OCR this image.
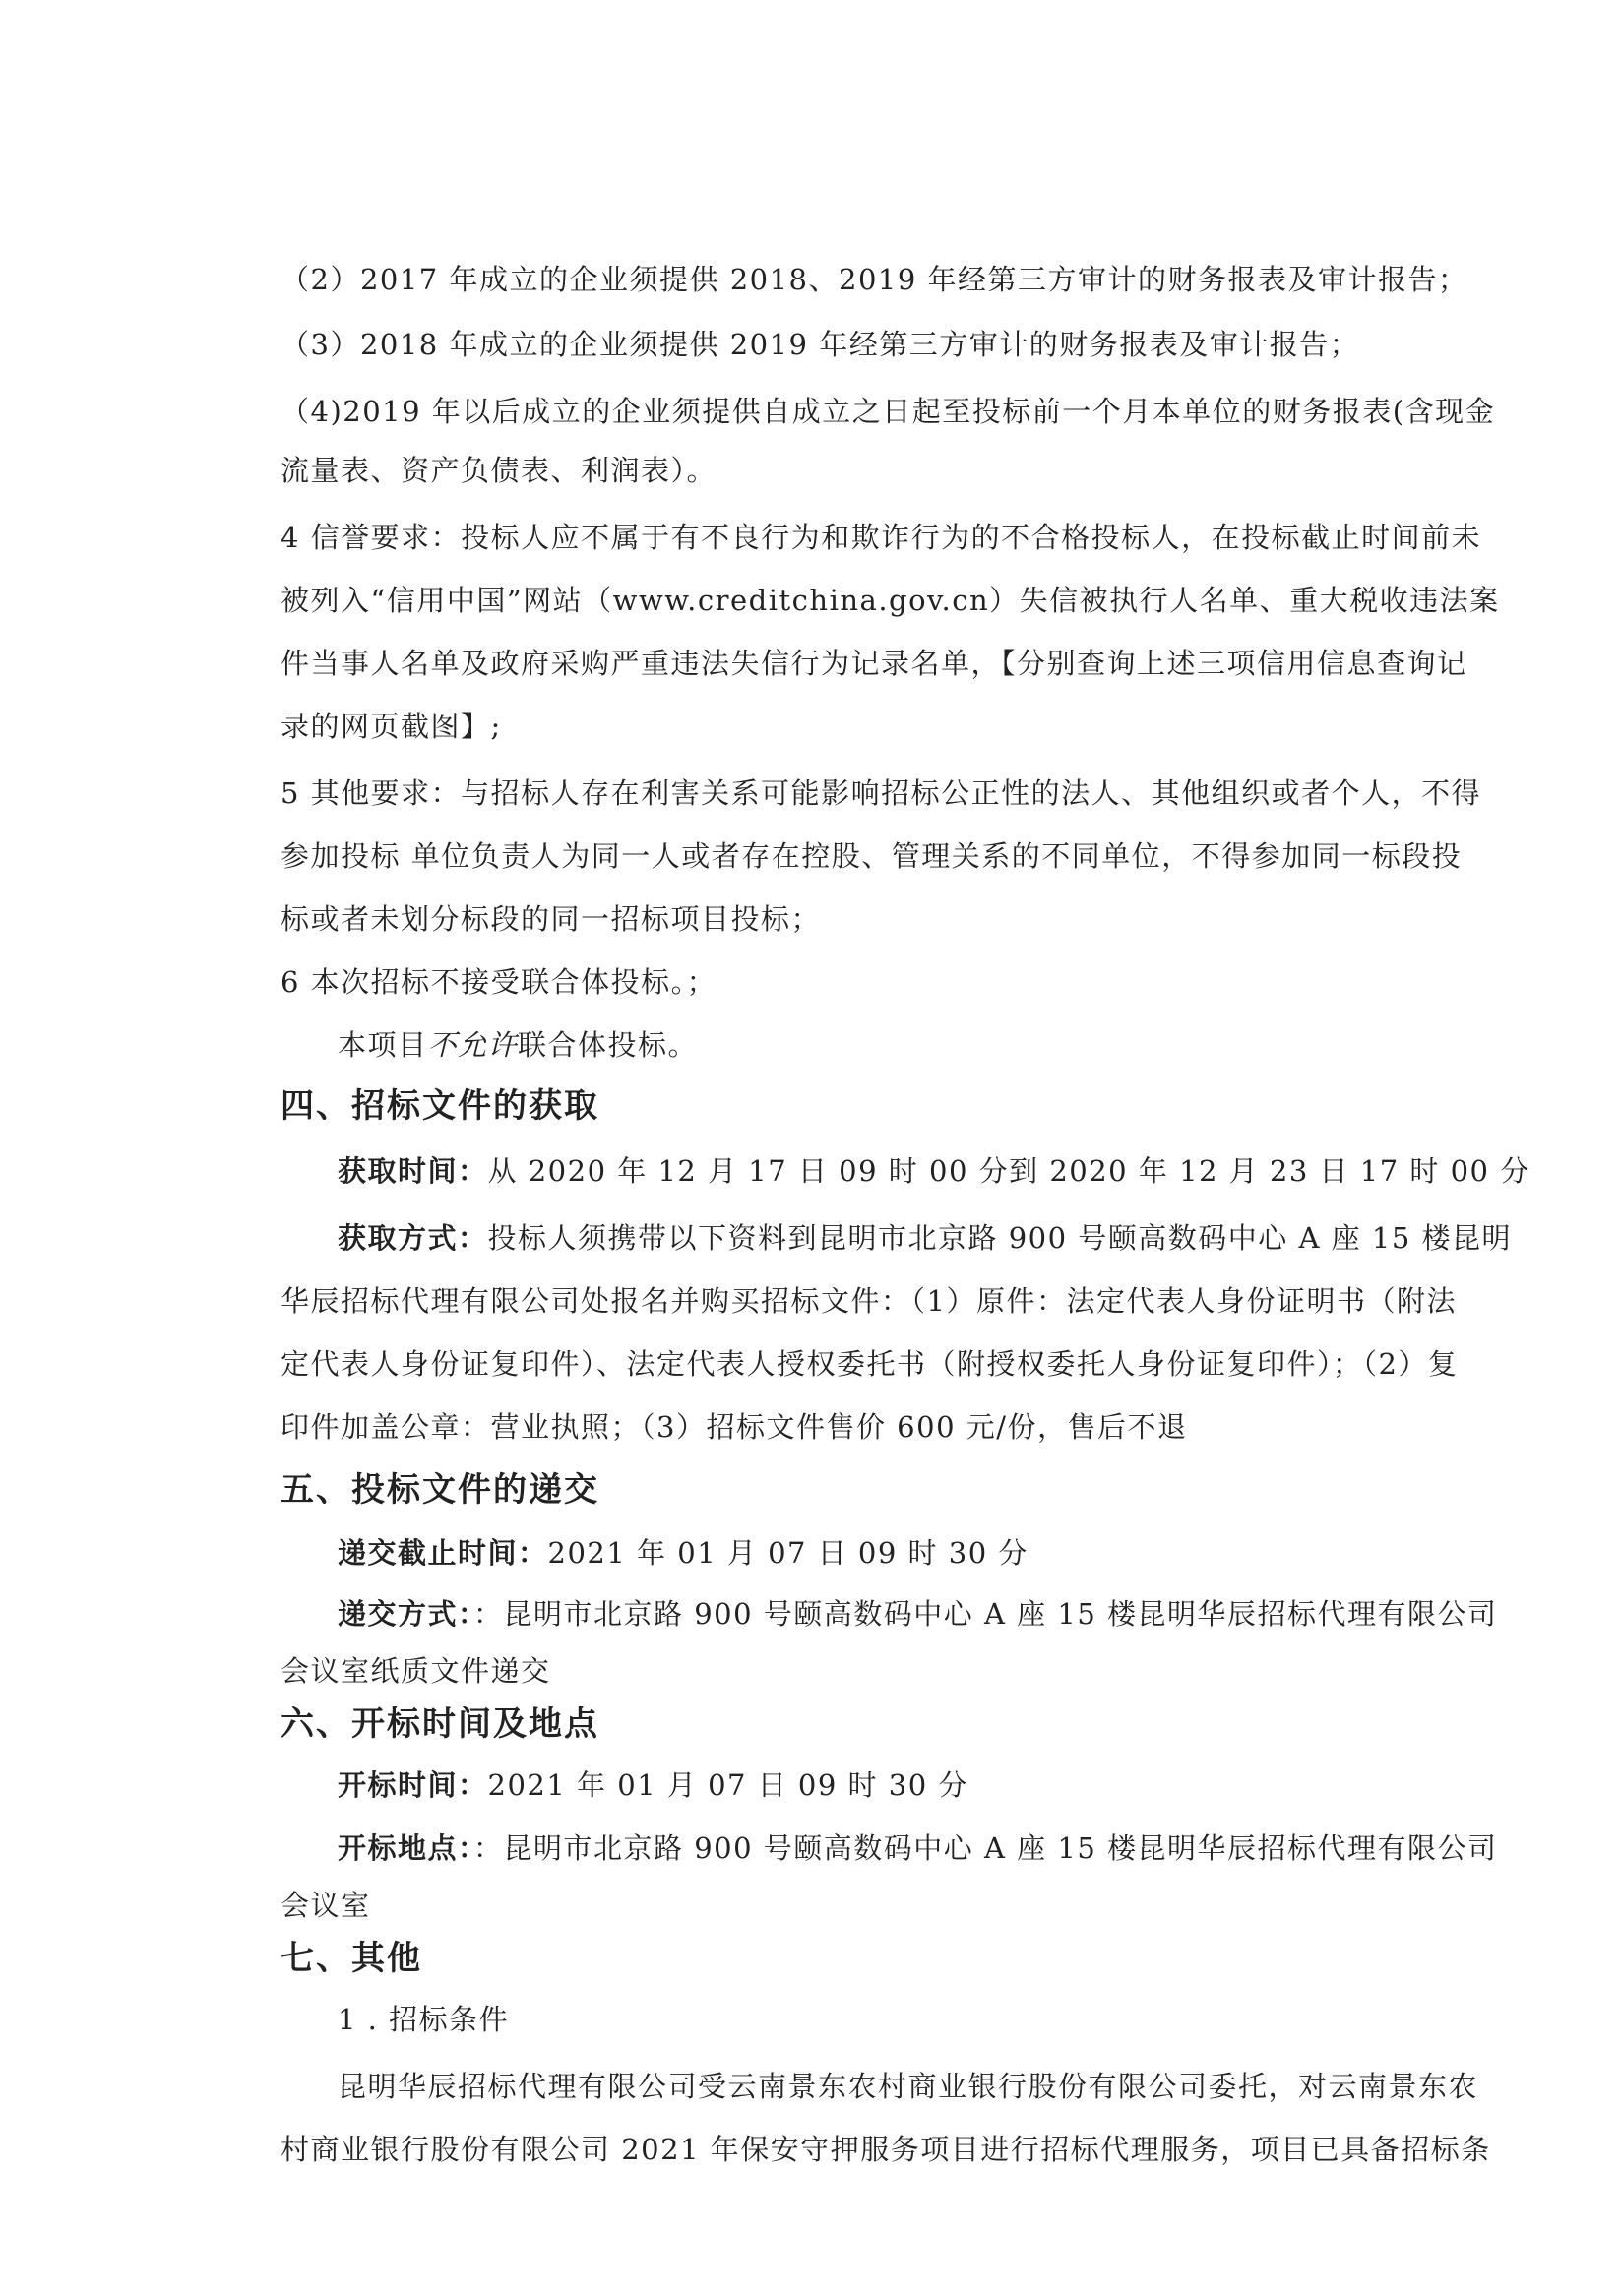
（2）2017 年成立的企业须提供 2018、2019 年经第三方审计的财务报表及审计报告；
（3）2018 年成立的企业须提供 2019 年经第三方审计的财务报表及审计报告；
（4)2019 年以后成立的企业须提供自成立之日起至投标前一个月本单位的财务报表(含现金
流量表、资产负债表、利润表）。
4 信誉要求：投标人应不属于有不良行为和欺诈行为的不合格投标人，在投标截止时间前未
被列入“信用中国”网站（www.creditchina.gov.cn）失信被执行人名单、重大税收违法案
件当事人名单及政府采购严重违法失信行为记录名单，【分别查询上述三项信用信息查询记
录的网页截图】;
5 其他要求：与招标人存在利害关系可能影响招标公正性的法人、其他组织或者个人，不得
参加投标 单位负责人为同一人或者存在控股、管理关系的不同单位，不得参加同一标段投
标或者未划分标段的同一招标项目投标；
6 本次招标不接受联合体投标。；
本项目不允许联合体投标。
四、招标文件的获取
获取时间：从 2020 年 12 月 17 日 09 时 00 分到 2020 年 12 月 23 日 17 时 00 分
获取方式：投标人须携带以下资料到昆明市北京路 900 号颐高数码中心 A 座 15 楼昆明
华辰招标代理有限公司处报名并购买招标文件：（1）原件：法定代表人身份证明书（附法
定代表人身份证复印件）、法定代表人授权委托书（附授权委托人身份证复印件）；（2）复
印件加盖公章：营业执照；（3）招标文件售价 600 元/份，售后不退
五、投标文件的递交
递交截止时间：2021 年 01 月 07 日 09 时 30 分
递交方式：：昆明市北京路 900 号颐高数码中心 A 座 15 楼昆明华辰招标代理有限公司
会议室纸质文件递交
六、开标时间及地点
开标时间：2021 年 01 月 07 日 09 时 30 分
开标地点：：昆明市北京路 900 号颐高数码中心 A 座 15 楼昆明华辰招标代理有限公司
会议室
七、其他
1 . 招标条件
昆明华辰招标代理有限公司受云南景东农村商业银行股份有限公司委托，对云南景东农
村商业银行股份有限公司 2021 年保安守押服务项目进行招标代理服务，项目已具备招标条
